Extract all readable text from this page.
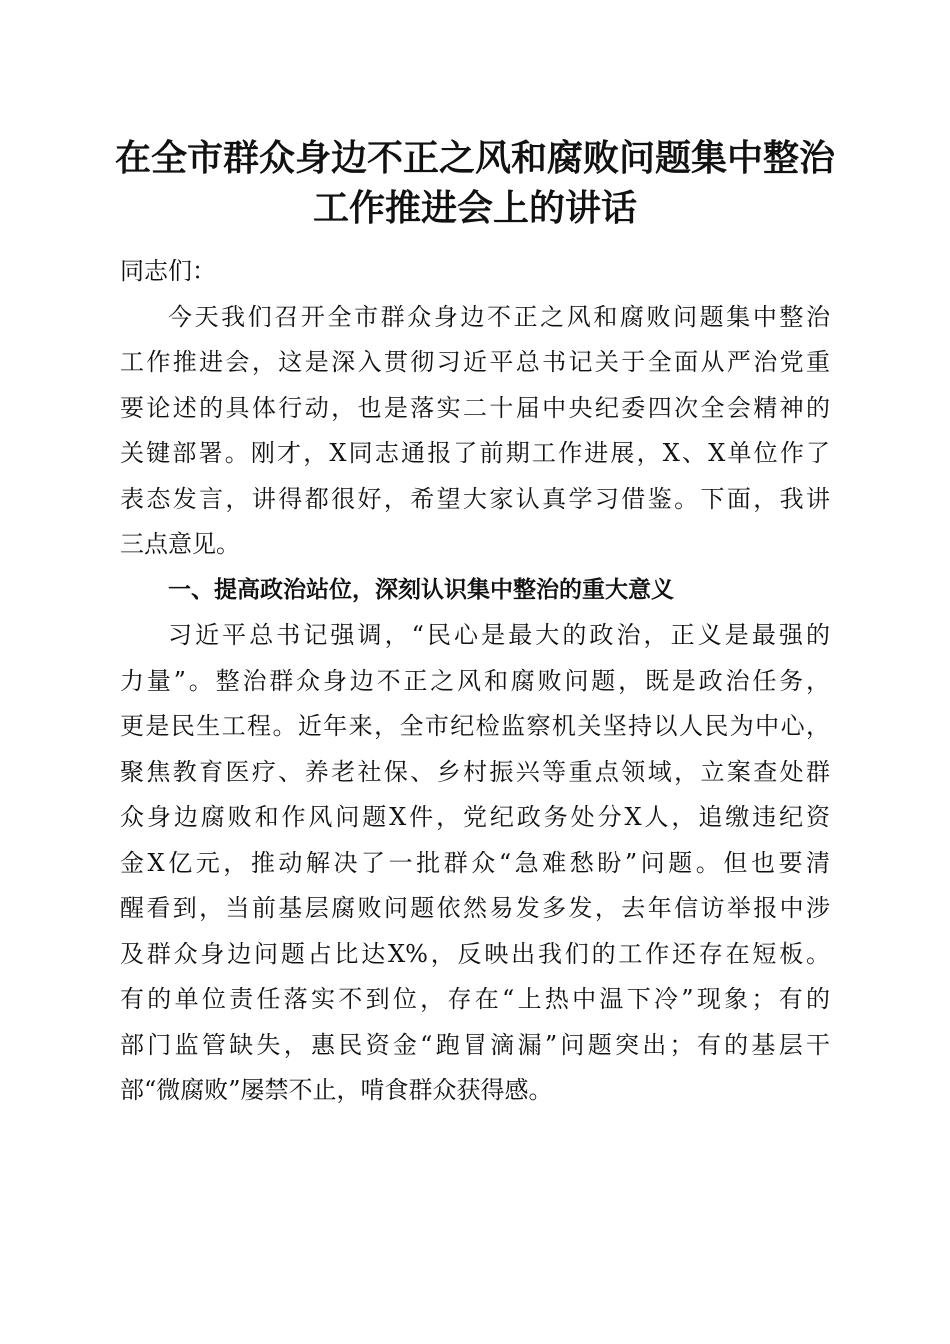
在全市群众身边不正之风和腐败问题集中整治
工作推进会上的讲话
同志们：
今天我们召开全市群众身边不正之风和腐败问题集中整治
工作推进会，这是深入贯彻习近平总书记关于全面从严治党重
要论述的具体行动，也是落实二十届中央纪委四次全会精神的
关键部署。刚才，X同志通报了前期工作进展，X、X单位作了
表态发言，讲得都很好，希望大家认真学习借鉴。下面，我讲
三点意见。
一、提高政治站位，深刻认识集中整治的重大意义
习近平总书记强调，“民心是最大的政治，正义是最强的
力量”。整治群众身边不正之风和腐败问题，既是政治任务，
更是民生工程。近年来，全市纪检监察机关坚持以人民为中心，
聚焦教育医疗、养老社保、乡村振兴等重点领域，立案查处群
众身边腐败和作风问题X件，党纪政务处分X人，追缴违纪资
金X亿元，推动解决了一批群众“急难愁盼”问题。但也要清
醒看到，当前基层腐败问题依然易发多发，去年信访举报中涉
及群众身边问题占比达X%，反映出我们的工作还存在短板。
有的单位责任落实不到位，存在“上热中温下冷”现象；有的
部门监管缺失，惠民资金“跑冒滴漏”问题突出；有的基层干
部“微腐败”屡禁不止，啃食群众获得感。
